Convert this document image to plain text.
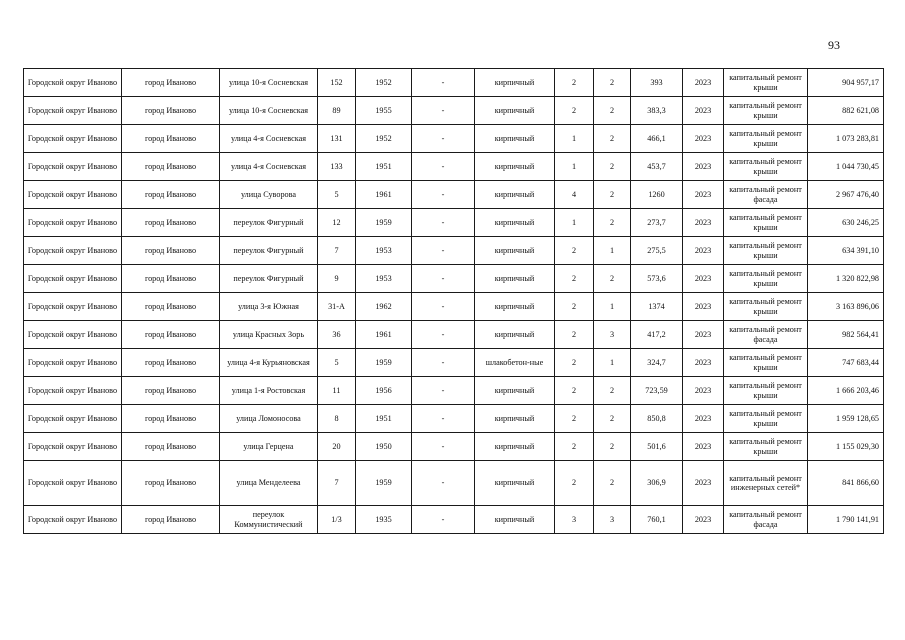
93
Городской округ Иваново	город Иваново	улица 10-я Сосневская	152	1952	-	кирпичный	2	2	393	2023	капитальный ремонт крыши	904 957,17
Городской округ Иваново	город Иваново	улица 10-я Сосневская	89	1955	-	кирпичный	2	2	383,3	2023	капитальный ремонт крыши	882 621,08
Городской округ Иваново	город Иваново	улица 4-я Сосневская	131	1952	-	кирпичный	1	2	466,1	2023	капитальный ремонт крыши	1 073 283,81
Городской округ Иваново	город Иваново	улица 4-я Сосневская	133	1951	-	кирпичный	1	2	453,7	2023	капитальный ремонт крыши	1 044 730,45
Городской округ Иваново	город Иваново	улица Суворова	5	1961	-	кирпичный	4	2	1260	2023	капитальный ремонт фасада	2 967 476,40
Городской округ Иваново	город Иваново	переулок Фигурный	12	1959	-	кирпичный	1	2	273,7	2023	капитальный ремонт крыши	630 246,25
Городской округ Иваново	город Иваново	переулок Фигурный	7	1953	-	кирпичный	2	1	275,5	2023	капитальный ремонт крыши	634 391,10
Городской округ Иваново	город Иваново	переулок Фигурный	9	1953	-	кирпичный	2	2	573,6	2023	капитальный ремонт крыши	1 320 822,98
Городской округ Иваново	город Иваново	улица 3-я Южная	31-А	1962	-	кирпичный	2	1	1374	2023	капитальный ремонт крыши	3 163 896,06
Городской округ Иваново	город Иваново	улица Красных Зорь	36	1961	-	кирпичный	2	3	417,2	2023	капитальный ремонт фасада	982 564,41
Городской округ Иваново	город Иваново	улица 4-я Курьяновская	5	1959	-	шлакобетон-ные	2	1	324,7	2023	капитальный ремонт крыши	747 683,44
Городской округ Иваново	город Иваново	улица 1-я Ростовская	11	1956	-	кирпичный	2	2	723,59	2023	капитальный ремонт крыши	1 666 203,46
Городской округ Иваново	город Иваново	улица Ломоносова	8	1951	-	кирпичный	2	2	850,8	2023	капитальный ремонт крыши	1 959 128,65
Городской округ Иваново	город Иваново	улица Герцена	20	1950	-	кирпичный	2	2	501,6	2023	капитальный ремонт крыши	1 155 029,30
Городской округ Иваново	город Иваново	улица Менделеева	7	1959	-	кирпичный	2	2	306,9	2023	капитальный ремонт инженерных сетей*	841 866,60
Городской округ Иваново	город Иваново	переулок Коммунистический	1/3	1935	-	кирпичный	3	3	760,1	2023	капитальный ремонт фасада	1 790 141,91
